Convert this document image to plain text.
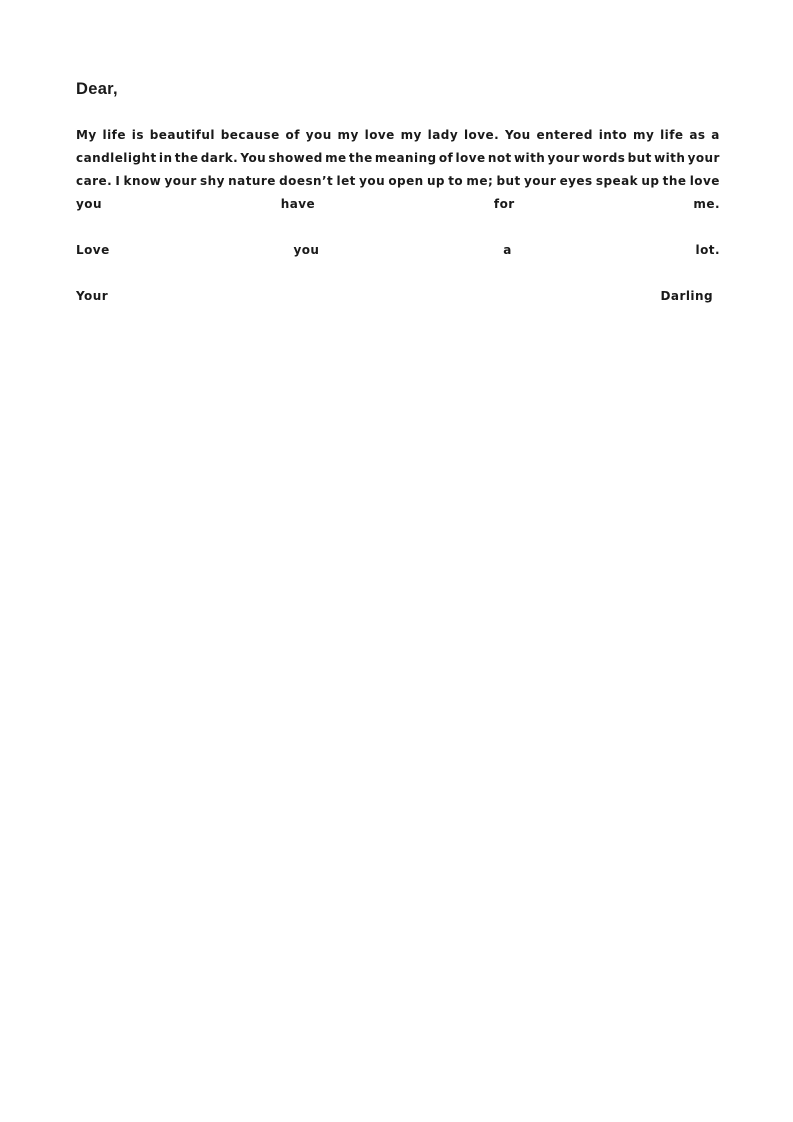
Dear,

My life is beautiful because of you my love my lady love. You entered into my life as a
candlelight in the dark. You showed me the meaning of love not with your words but with your
care. I know your shy nature doesn’t let you open up to me; but your eyes speak up the love
you	have	for	me.
Love	you	a	lot.
Your	Darling
